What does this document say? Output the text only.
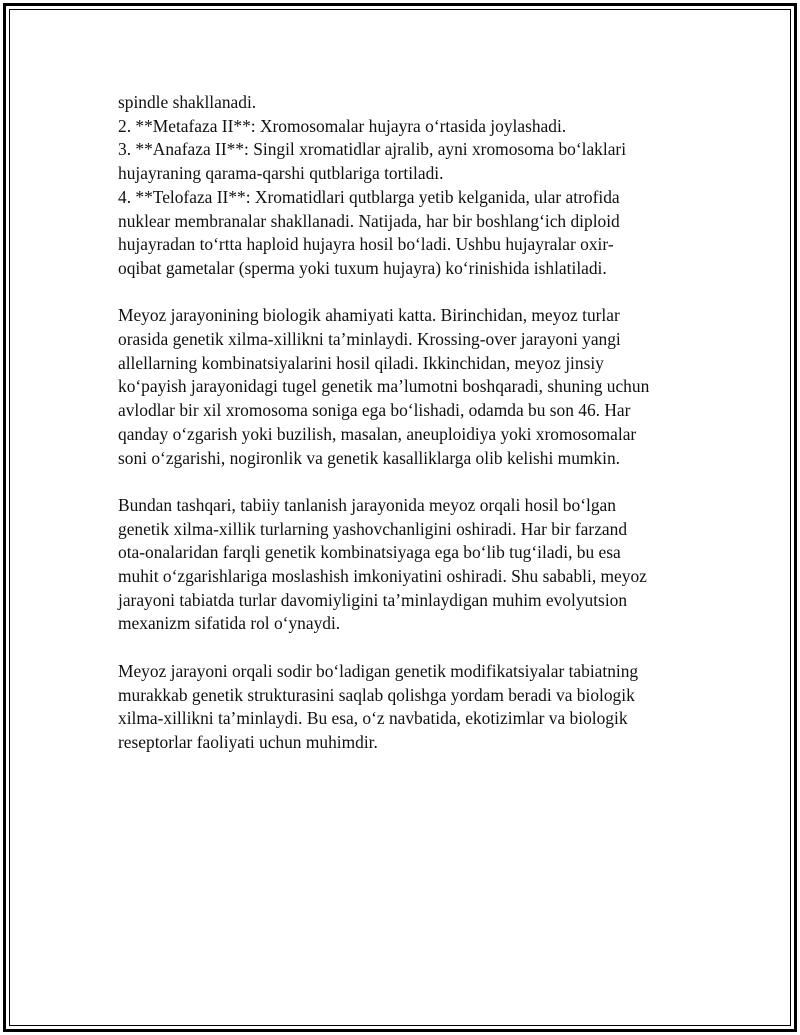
spindle shakllanadi.
2. **Metafaza II**: Xromosomalar hujayra o‘rtasida joylashadi.
3. **Anafaza II**: Singil xromatidlar ajralib, ayni xromosoma bo‘laklari
hujayraning qarama-qarshi qutblariga tortiladi.
4. **Telofaza II**: Xromatidlari qutblarga yetib kelganida, ular atrofida
nuklear membranalar shakllanadi. Natijada, har bir boshlang‘ich diploid
hujayradan to‘rtta haploid hujayra hosil bo‘ladi. Ushbu hujayralar oxir-
oqibat gametalar (sperma yoki tuxum hujayra) ko‘rinishida ishlatiladi.
Meyoz jarayonining biologik ahamiyati katta. Birinchidan, meyoz turlar
orasida genetik xilma-xillikni ta’minlaydi. Krossing-over jarayoni yangi
allellarning kombinatsiyalarini hosil qiladi. Ikkinchidan, meyoz jinsiy
ko‘payish jarayonidagi tugel genetik ma’lumotni boshqaradi, shuning uchun
avlodlar bir xil xromosoma soniga ega bo‘lishadi, odamda bu son 46. Har
qanday o‘zgarish yoki buzilish, masalan, aneuploidiya yoki xromosomalar
soni o‘zgarishi, nogironlik va genetik kasalliklarga olib kelishi mumkin.
Bundan tashqari, tabiiy tanlanish jarayonida meyoz orqali hosil bo‘lgan
genetik xilma-xillik turlarning yashovchanligini oshiradi. Har bir farzand
ota-onalaridan farqli genetik kombinatsiyaga ega bo‘lib tug‘iladi, bu esa
muhit o‘zgarishlariga moslashish imkoniyatini oshiradi. Shu sababli, meyoz
jarayoni tabiatda turlar davomiyligini ta’minlaydigan muhim evolyutsion
mexanizm sifatida rol o‘ynaydi.
Meyoz jarayoni orqali sodir bo‘ladigan genetik modifikatsiyalar tabiatning
murakkab genetik strukturasini saqlab qolishga yordam beradi va biologik
xilma-xillikni ta’minlaydi. Bu esa, o‘z navbatida, ekotizimlar va biologik
reseptorlar faoliyati uchun muhimdir.
